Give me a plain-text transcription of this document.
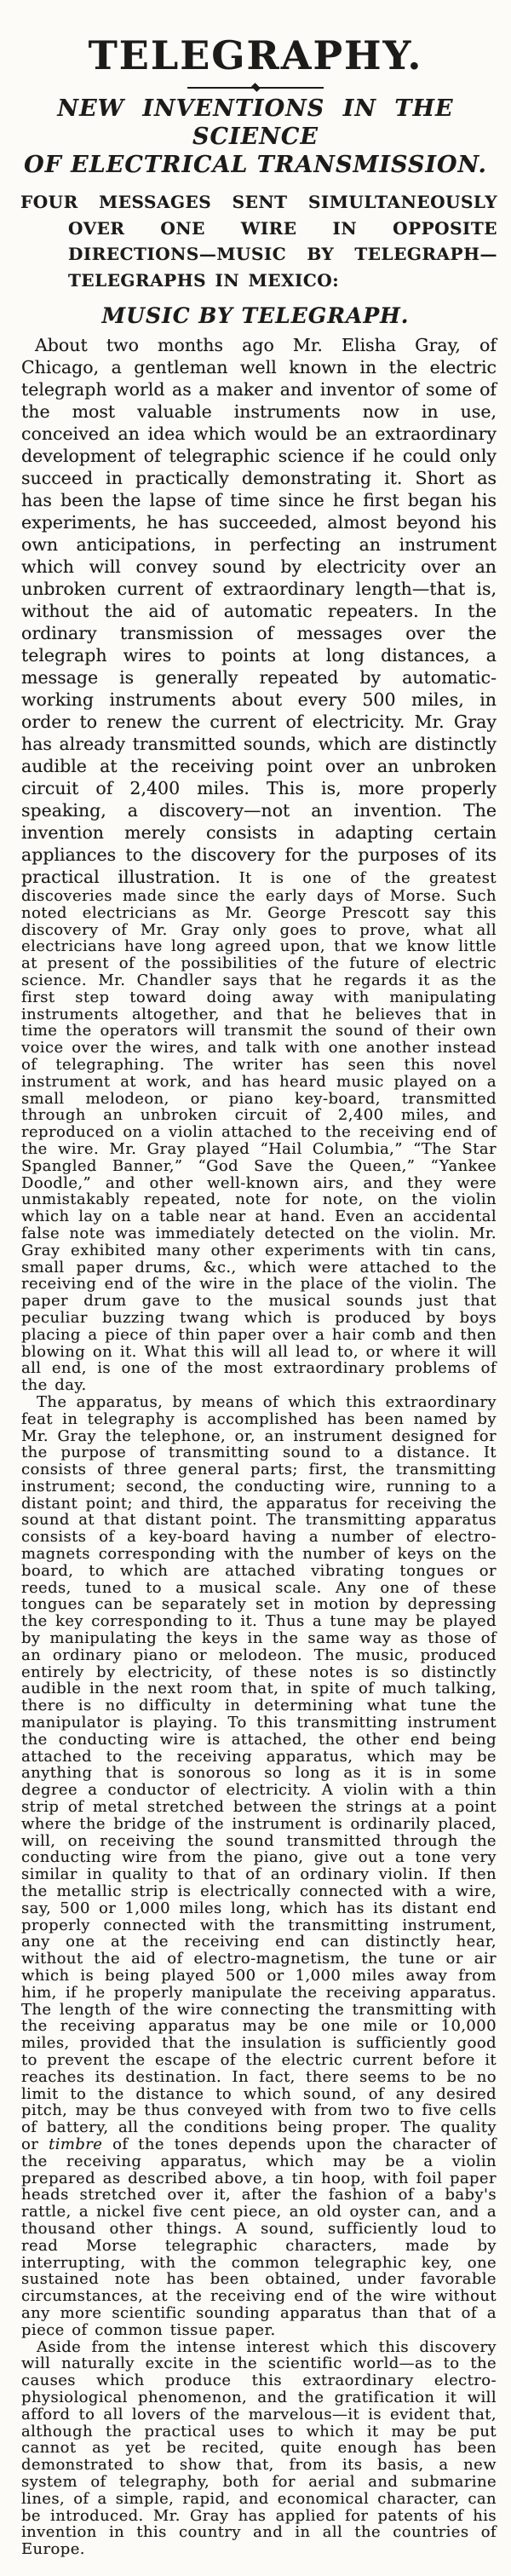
TELEGRAPHY.
NEW INVENTIONS IN THE SCIENCE
OF ELECTRICAL TRANSMISSION.

FOUR MESSAGES SENT SIMULTANEOUSLY OVER ONE WIRE IN OPPOSITE DIRECTIONS—MUSIC BY TELEGRAPH—TELEGRAPHS IN MEXICO:

MUSIC BY TELEGRAPH.

About two months ago Mr. Elisha Gray, of Chicago, a gentleman well known in the electric telegraph world as a maker and inventor of some of the most valuable instruments now in use, conceived an idea which would be an extraordinary development of telegraphic science if he could only succeed in practically demonstrating it. Short as has been the lapse of time since he first began his experiments, he has succeeded, almost beyond his own anticipations, in perfecting an instrument which will convey sound by electricity over an unbroken current of extraordinary length—that is, without the aid of automatic repeaters. In the ordinary transmission of messages over the telegraph wires to points at long distances, a message is generally repeated by automatic-working instruments about every 500 miles, in order to renew the current of electricity. Mr. Gray has already transmitted sounds, which are distinctly audible at the receiving point over an unbroken circuit of 2,400 miles. This is, more properly speaking, a discovery—not an invention. The invention merely consists in adapting certain appliances to the discovery for the purposes of its practical illustration. It is one of the greatest discoveries made since the early days of Morse. Such noted electricians as Mr. George Prescott say this discovery of Mr. Gray only goes to prove, what all electricians have long agreed upon, that we know little at present of the possibilities of the future of electric science. Mr. Chandler says that he regards it as the first step toward doing away with manipulating instruments altogether, and that he believes that in time the operators will transmit the sound of their own voice over the wires, and talk with one another instead of telegraphing. The writer has seen this novel instrument at work, and has heard music played on a small melodeon, or piano key-board, transmitted through an unbroken circuit of 2,400 miles, and reproduced on a violin attached to the receiving end of the wire. Mr. Gray played “Hail Columbia,” “The Star Spangled Banner,” “God Save the Queen,” “Yankee Doodle,” and other well-known airs, and they were unmistakably repeated, note for note, on the violin which lay on a table near at hand. Even an accidental false note was immediately detected on the violin. Mr. Gray exhibited many other experiments with tin cans, small paper drums, &c., which were attached to the receiving end of the wire in the place of the violin. The paper drum gave to the musical sounds just that peculiar buzzing twang which is produced by boys placing a piece of thin paper over a hair comb and then blowing on it. What this will all lead to, or where it will all end, is one of the most extraordinary problems of the day.

The apparatus, by means of which this extraordinary feat in telegraphy is accomplished has been named by Mr. Gray the telephone, or, an instrument designed for the purpose of transmitting sound to a distance. It consists of three general parts; first, the transmitting instrument; second, the conducting wire, running to a distant point; and third, the apparatus for receiving the sound at that distant point. The transmitting apparatus consists of a key-board having a number of electro-magnets corresponding with the number of keys on the board, to which are attached vibrating tongues or reeds, tuned to a musical scale. Any one of these tongues can be separately set in motion by depressing the key corresponding to it. Thus a tune may be played by manipulating the keys in the same way as those of an ordinary piano or melodeon. The music, produced entirely by electricity, of these notes is so distinctly audible in the next room that, in spite of much talking, there is no difficulty in determining what tune the manipulator is playing. To this transmitting instrument the conducting wire is attached, the other end being attached to the receiving apparatus, which may be anything that is sonorous so long as it is in some degree a conductor of electricity. A violin with a thin strip of metal stretched between the strings at a point where the bridge of the instrument is ordinarily placed, will, on receiving the sound transmitted through the conducting wire from the piano, give out a tone very similar in quality to that of an ordinary violin. If then the metallic strip is electrically connected with a wire, say, 500 or 1,000 miles long, which has its distant end properly connected with the transmitting instrument, any one at the receiving end can distinctly hear, without the aid of electro-magnetism, the tune or air which is being played 500 or 1,000 miles away from him, if he properly manipulate the receiving apparatus. The length of the wire connecting the transmitting with the receiving apparatus may be one mile or 10,000 miles, provided that the insulation is sufficiently good to prevent the escape of the electric current before it reaches its destination. In fact, there seems to be no limit to the distance to which sound, of any desired pitch, may be thus conveyed with from two to five cells of battery, all the conditions being proper. The quality or timbre of the tones depends upon the character of the receiving apparatus, which may be a violin prepared as described above, a tin hoop, with foil paper heads stretched over it, after the fashion of a baby's rattle, a nickel five cent piece, an old oyster can, and a thousand other things. A sound, sufficiently loud to read Morse telegraphic characters, made by interrupting, with the common telegraphic key, one sustained note has been obtained, under favorable circumstances, at the receiving end of the wire without any more scientific sounding apparatus than that of a piece of common tissue paper.

Aside from the intense interest which this discovery will naturally excite in the scientific world—as to the causes which produce this extraordinary electro-physiological phenomenon, and the gratification it will afford to all lovers of the marvelous—it is evident that, although the practical uses to which it may be put cannot as yet be recited, quite enough has been demonstrated to show that, from its basis, a new system of telegraphy, both for aerial and submarine lines, of a simple, rapid, and economical character, can be introduced. Mr. Gray has applied for patents of his invention in this country and in all the countries of Europe.
